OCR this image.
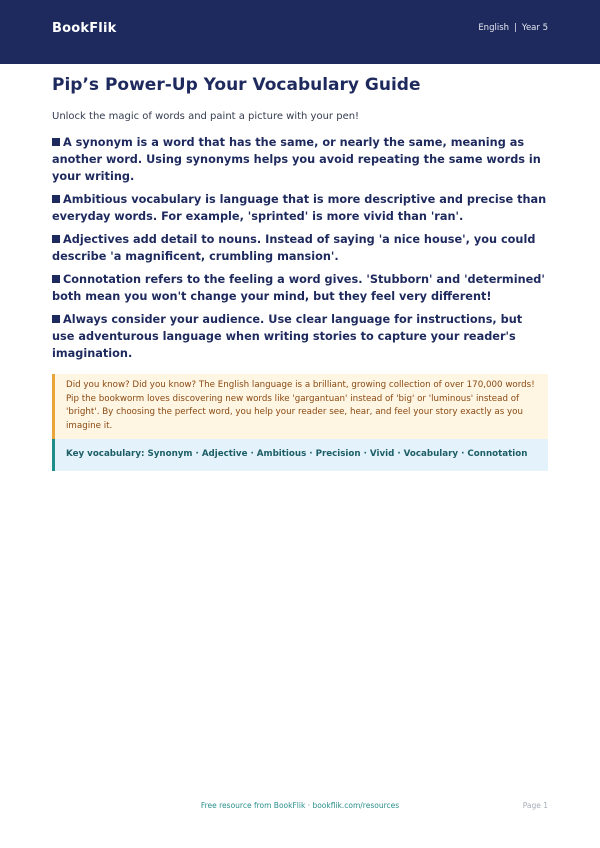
BookFlik	English | Year 5
Pip’s Power-Up Your Vocabulary Guide

Unlock the magic of words and paint a picture with your pen!

A synonym is a word that has the same, or nearly the same, meaning as another word. Using synonyms helps you avoid repeating the same words in your writing.
Ambitious vocabulary is language that is more descriptive and precise than everyday words. For example, 'sprinted' is more vivid than 'ran'.
Adjectives add detail to nouns. Instead of saying 'a nice house', you could describe 'a magnificent, crumbling mansion'.
Connotation refers to the feeling a word gives. 'Stubborn' and 'determined' both mean you won't change your mind, but they feel very different!
Always consider your audience. Use clear language for instructions, but use adventurous language when writing stories to capture your reader's imagination.
Did you know? Did you know? The English language is a brilliant, growing collection of over 170,000 words! Pip the bookworm loves discovering new words like 'gargantuan' instead of 'big' or 'luminous' instead of 'bright'. By choosing the perfect word, you help your reader see, hear, and feel your story exactly as you imagine it.
Key vocabulary: Synonym · Adjective · Ambitious · Precision · Vivid · Vocabulary · Connotation
Free resource from BookFlik · bookflik.com/resources	Page 1
